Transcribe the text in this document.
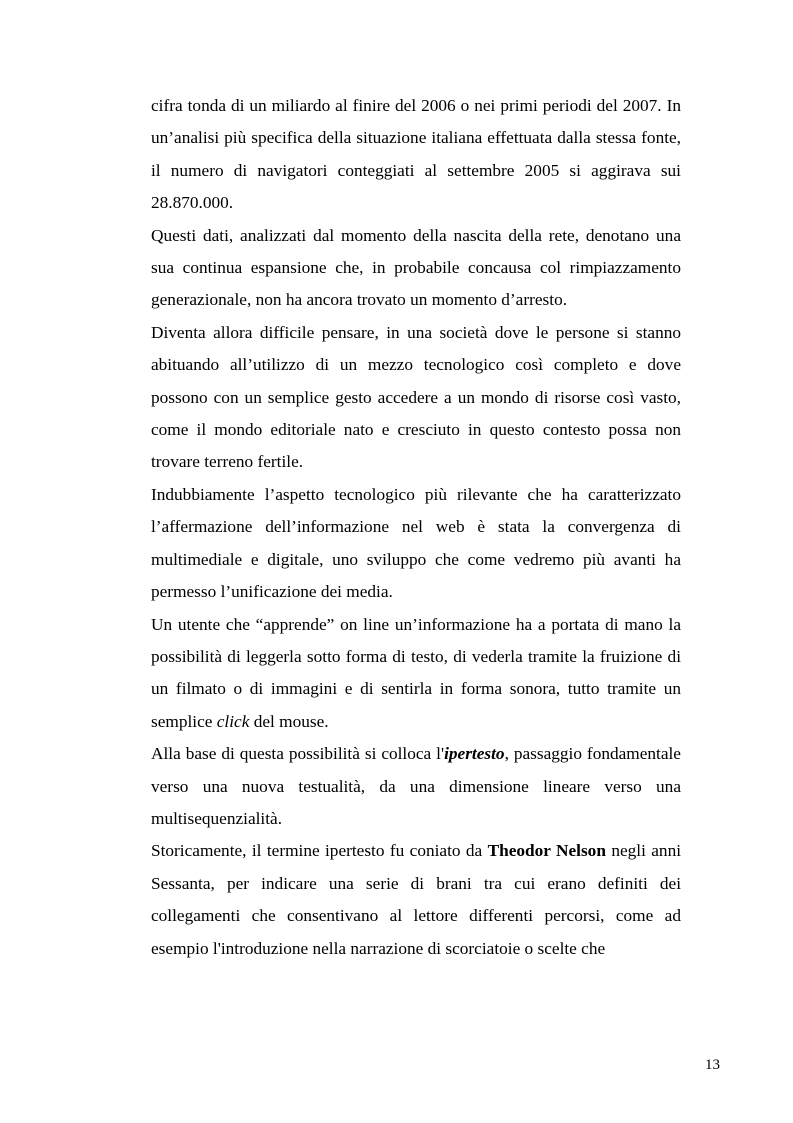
cifra tonda di un miliardo al finire del 2006 o nei primi periodi del 2007. In un’analisi più specifica della situazione italiana effettuata dalla stessa fonte, il numero di navigatori conteggiati al settembre 2005 si aggirava sui 28.870.000.

Questi dati, analizzati dal momento della nascita della rete, denotano una sua continua espansione che, in probabile concausa col rimpiazzamento generazionale, non ha ancora trovato un momento d’arresto.

Diventa allora difficile pensare, in una società dove le persone si stanno abituando all’utilizzo di un mezzo tecnologico così completo e dove possono con un semplice gesto accedere a un mondo di risorse così vasto, come il mondo editoriale nato e cresciuto in questo contesto possa non trovare terreno fertile.

Indubbiamente l’aspetto tecnologico più rilevante che ha caratterizzato l’affermazione dell’informazione nel web è stata la convergenza di multimediale e digitale, uno sviluppo che come vedremo più avanti ha permesso l’unificazione dei media.

Un utente che “apprende” on line un’informazione ha a portata di mano la possibilità di leggerla sotto forma di testo, di vederla tramite la fruizione di un filmato o di immagini e di sentirla in forma sonora, tutto tramite un semplice click del mouse.

Alla base di questa possibilità si colloca l'ipertesto, passaggio fondamentale verso una nuova testualità, da una dimensione lineare verso una multisequenzialità.

Storicamente, il termine ipertesto fu coniato da Theodor Nelson negli anni Sessanta, per indicare una serie di brani tra cui erano definiti dei collegamenti che consentivano al lettore differenti percorsi, come ad esempio l'introduzione nella narrazione di scorciatoie o scelte che

13
